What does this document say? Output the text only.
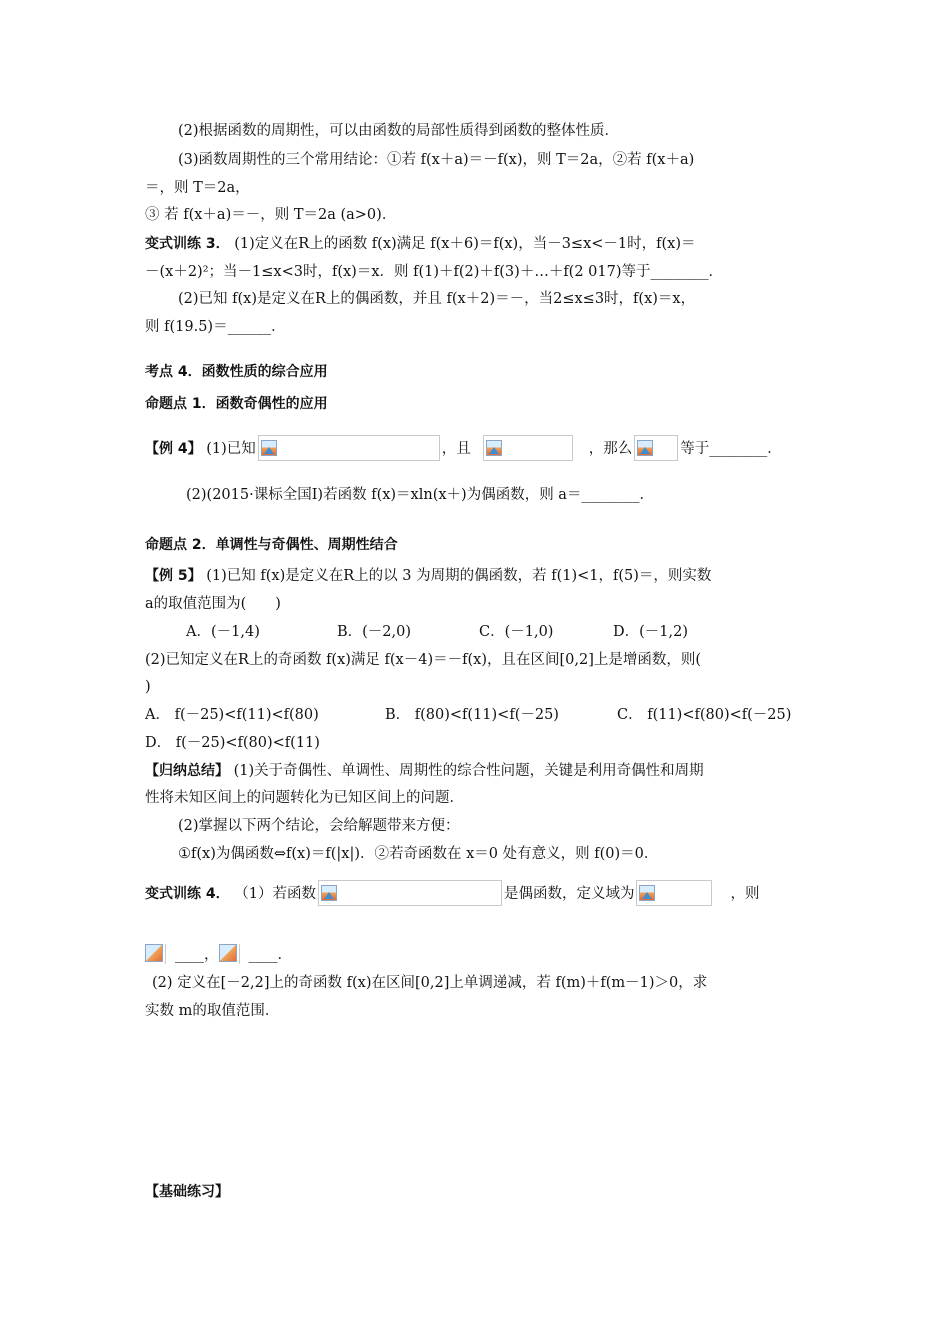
(2)根据函数的周期性，可以由函数的局部性质得到函数的整体性质．
(3)函数周期性的三个常用结论：①若 f(x＋a)＝－f(x)，则 T＝2a，②若 f(x＋a)
＝，则 T＝2a，
③ 若 f(x＋a)＝－，则 T＝2a (a>0)．
变式训练 3． (1)定义在R上的函数 f(x)满足 f(x＋6)＝f(x)，当－3≤x<－1时，f(x)＝
－(x＋2)²；当－1≤x<3时，f(x)＝x．则 f(1)＋f(2)＋f(3)＋…＋f(2 017)等于________．
(2)已知 f(x)是定义在R上的偶函数，并且 f(x＋2)＝－，当2≤x≤3时，f(x)＝x，
则 f(19.5)＝______．
考点 4．函数性质的综合应用
命题点 1．函数奇偶性的应用
【例 4】 (1)已知	，且	，那么	等于________．
(2)(2015·课标全国Ⅰ)若函数 f(x)＝xln(x＋)为偶函数，则 a＝________．
命题点 2．单调性与奇偶性、周期性结合
【例 5】 (1)已知 f(x)是定义在R上的以 3 为周期的偶函数，若 f(1)<1，f(5)＝，则实数
a的取值范围为(　　)
A．(－1,4)	B．(－2,0)	C．(－1,0)	D．(－1,2)
(2)已知定义在R上的奇函数 f(x)满足 f(x－4)＝－f(x)，且在区间[0,2]上是增函数，则(
)
A． f(－25)<f(11)<f(80)	B． f(80)<f(11)<f(－25)	C． f(11)<f(80)<f(－25)
D． f(－25)<f(80)<f(11)
【归纳总结】 (1)关于奇偶性、单调性、周期性的综合性问题，关键是利用奇偶性和周期
性将未知区间上的问题转化为已知区间上的问题．
(2)掌握以下两个结论，会给解题带来方便：
①f(x)为偶函数⇔f(x)＝f(|x|)．②若奇函数在 x＝0 处有意义，则 f(0)＝0．
变式训练 4． （1）若函数	是偶函数，定义域为	，则
____， ____．
(2) 定义在[－2,2]上的奇函数 f(x)在区间[0,2]上单调递减，若 f(m)＋f(m－1)＞0，求
实数 m的取值范围．
【基础练习】
